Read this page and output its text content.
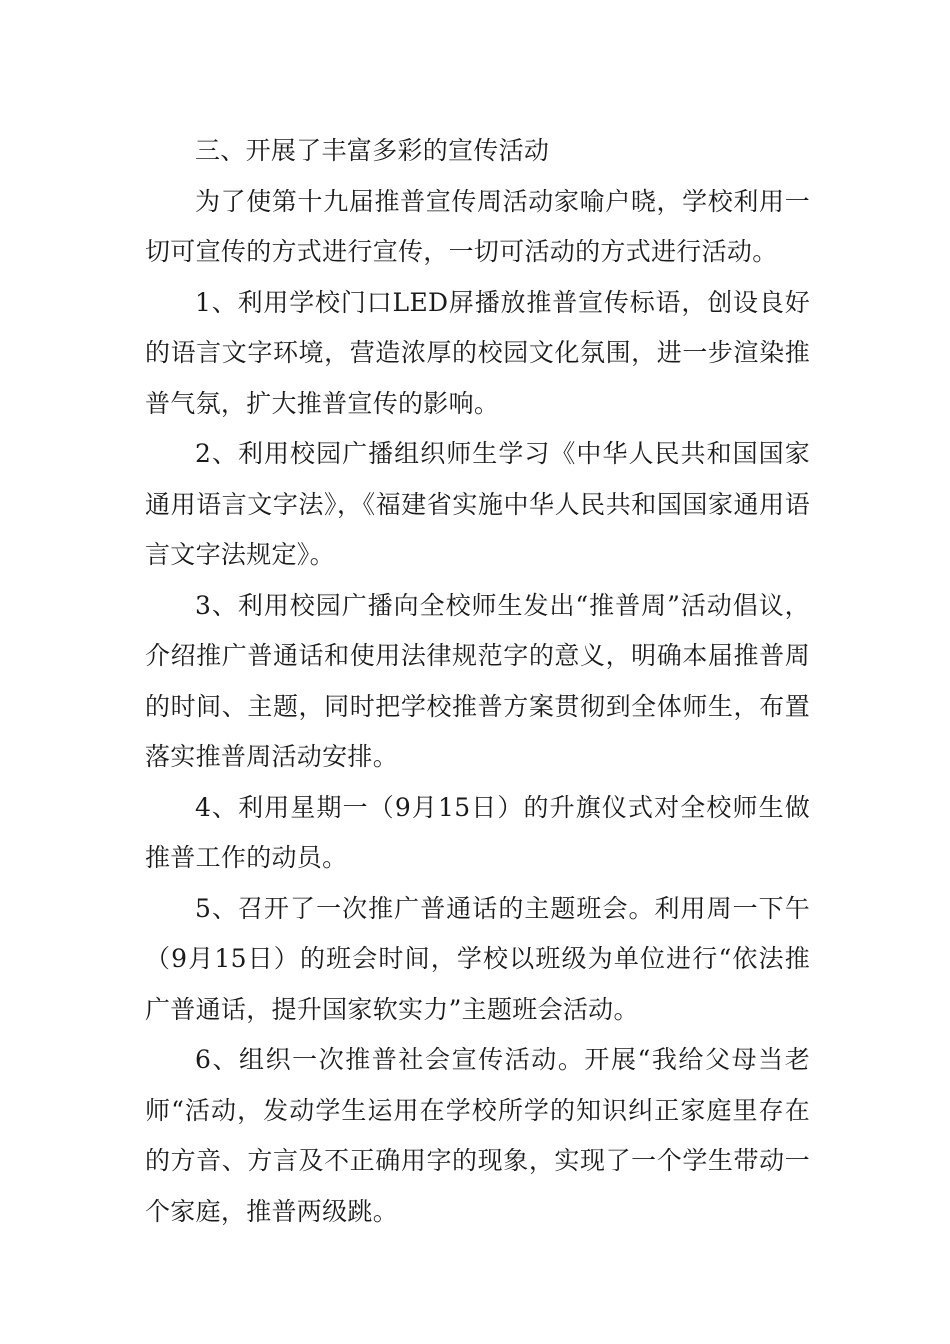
三、开展了丰富多彩的宣传活动

为了使第十九届推普宣传周活动家喻户晓，学校利用一切可宣传的方式进行宣传，一切可活动的方式进行活动。

1、利用学校门口LED屏播放推普宣传标语，创设良好的语言文字环境，营造浓厚的校园文化氛围，进一步渲染推普气氛，扩大推普宣传的影响。

2、利用校园广播组织师生学习《中华人民共和国国家通用语言文字法》，《福建省实施中华人民共和国国家通用语言文字法规定》。

3、利用校园广播向全校师生发出“推普周”活动倡议，介绍推广普通话和使用法律规范字的意义，明确本届推普周的时间、主题，同时把学校推普方案贯彻到全体师生，布置落实推普周活动安排。

4、利用星期一（9月15日）的升旗仪式对全校师生做推普工作的动员。

5、召开了一次推广普通话的主题班会。利用周一下午（9月15日）的班会时间，学校以班级为单位进行“依法推广普通话，提升国家软实力”主题班会活动。

6、组织一次推普社会宣传活动。开展“我给父母当老师“活动，发动学生运用在学校所学的知识纠正家庭里存在的方音、方言及不正确用字的现象，实现了一个学生带动一个家庭，推普两级跳。
